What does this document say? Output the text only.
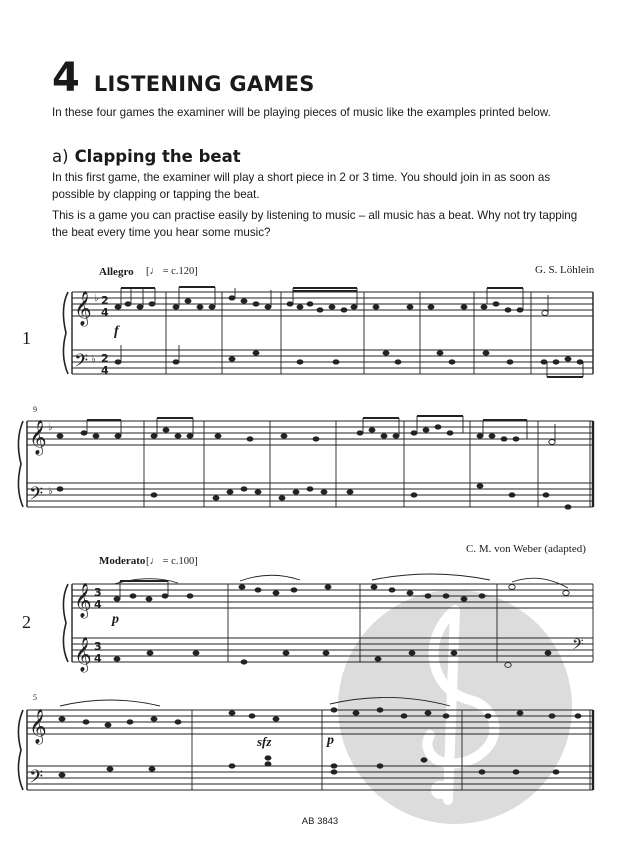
4 LISTENING GAMES
In these four games the examiner will be playing pieces of music like the examples printed below.
a) Clapping the beat
In this first game, the examiner will play a short piece in 2 or 3 time. You should join in as soon as possible by clapping or tapping the beat.
This is a game you can practise easily by listening to music – all music has a beat. Why not try tapping the beat every time you hear some music?
𝄞
𝄢
♭
♭
2
4
2
4
𝄞
𝄢
♭
♭
𝄞
𝄞
3
4
3
4
𝄢
𝄞
𝄢
1
Allegro [♩ = c.120]	G. S. Löhlein
f
9
C. M. von Weber (adapted)
Moderato [♩ = c.100]
2	p
5
sfz	p
AB 3843
